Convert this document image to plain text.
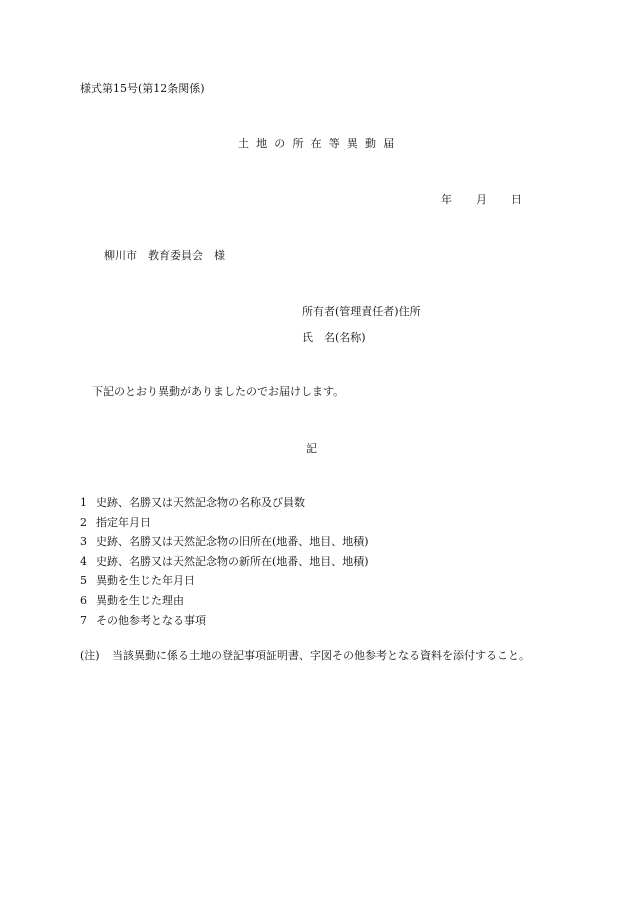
様式第15号(第12条関係)
土地の所在等異動届
年 月 日
柳川市　教育委員会　様
所有者(管理責任者)住所
氏　名(名称)
下記のとおり異動がありましたのでお届けします。
記
1 史跡、名勝又は天然記念物の名称及び員数
2 指定年月日
3 史跡、名勝又は天然記念物の旧所在(地番、地目、地積)
4 史跡、名勝又は天然記念物の新所在(地番、地目、地積)
5 異動を生じた年月日
6 異動を生じた理由
7 その他参考となる事項
(注) 当該異動に係る土地の登記事項証明書、字図その他参考となる資料を添付すること。
